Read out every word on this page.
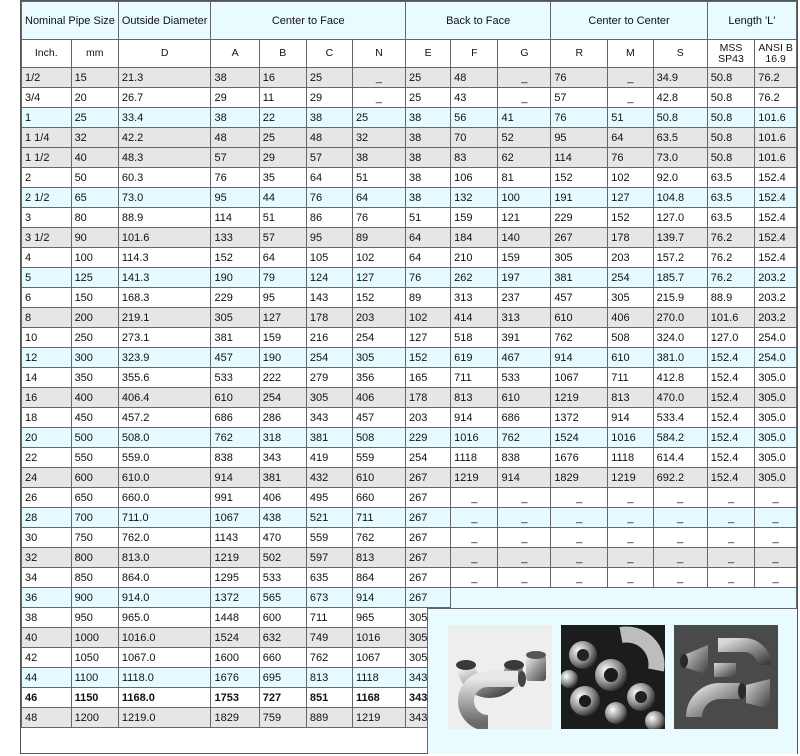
Nominal Pipe Size		Outside Diameter	Center to Face				Back to Face			Center to Center			Length 'L'	
Inch.	mm	D	A	B	C	N	E	F	G	R	M	S	MSS SP43	ANSI B 16.9
1/2	15	21.3	38	16	25	_	25	48	_	76	_	34.9	50.8	76.2
3/4	20	26.7	29	11	29	_	25	43	_	57	_	42.8	50.8	76.2
1	25	33.4	38	22	38	25	38	56	41	76	51	50.8	50.8	101.6
1 1/4	32	42.2	48	25	48	32	38	70	52	95	64	63.5	50.8	101.6
1 1/2	40	48.3	57	29	57	38	38	83	62	114	76	73.0	50.8	101.6
2	50	60.3	76	35	64	51	38	106	81	152	102	92.0	63.5	152.4
2 1/2	65	73.0	95	44	76	64	38	132	100	191	127	104.8	63.5	152.4
3	80	88.9	114	51	86	76	51	159	121	229	152	127.0	63.5	152.4
3 1/2	90	101.6	133	57	95	89	64	184	140	267	178	139.7	76.2	152.4
4	100	114.3	152	64	105	102	64	210	159	305	203	157.2	76.2	152.4
5	125	141.3	190	79	124	127	76	262	197	381	254	185.7	76.2	203.2
6	150	168.3	229	95	143	152	89	313	237	457	305	215.9	88.9	203.2
8	200	219.1	305	127	178	203	102	414	313	610	406	270.0	101.6	203.2
10	250	273.1	381	159	216	254	127	518	391	762	508	324.0	127.0	254.0
12	300	323.9	457	190	254	305	152	619	467	914	610	381.0	152.4	254.0
14	350	355.6	533	222	279	356	165	711	533	1067	711	412.8	152.4	305.0
16	400	406.4	610	254	305	406	178	813	610	1219	813	470.0	152.4	305.0
18	450	457.2	686	286	343	457	203	914	686	1372	914	533.4	152.4	305.0
20	500	508.0	762	318	381	508	229	1016	762	1524	1016	584.2	152.4	305.0
22	550	559.0	838	343	419	559	254	1118	838	1676	1118	614.4	152.4	305.0
24	600	610.0	914	381	432	610	267	1219	914	1829	1219	692.2	152.4	305.0
26	650	660.0	991	406	495	660	267	_	_	_	_	_	_	_
28	700	711.0	1067	438	521	711	267	_	_	_	_	_	_	_
30	750	762.0	1143	470	559	762	267	_	_	_	_	_	_	_
32	800	813.0	1219	502	597	813	267	_	_	_	_	_	_	_
34	850	864.0	1295	533	635	864	267	_	_	_	_	_	_	_
36	900	914.0	1372	565	673	914	267							
38	950	965.0	1448	600	711	965	305							
40	1000	1016.0	1524	632	749	1016	305							
42	1050	1067.0	1600	660	762	1067	305							
44	1100	1118.0	1676	695	813	1118	343							
46	1150	1168.0	1753	727	851	1168	343							
48	1200	1219.0	1829	759	889	1219	343							
